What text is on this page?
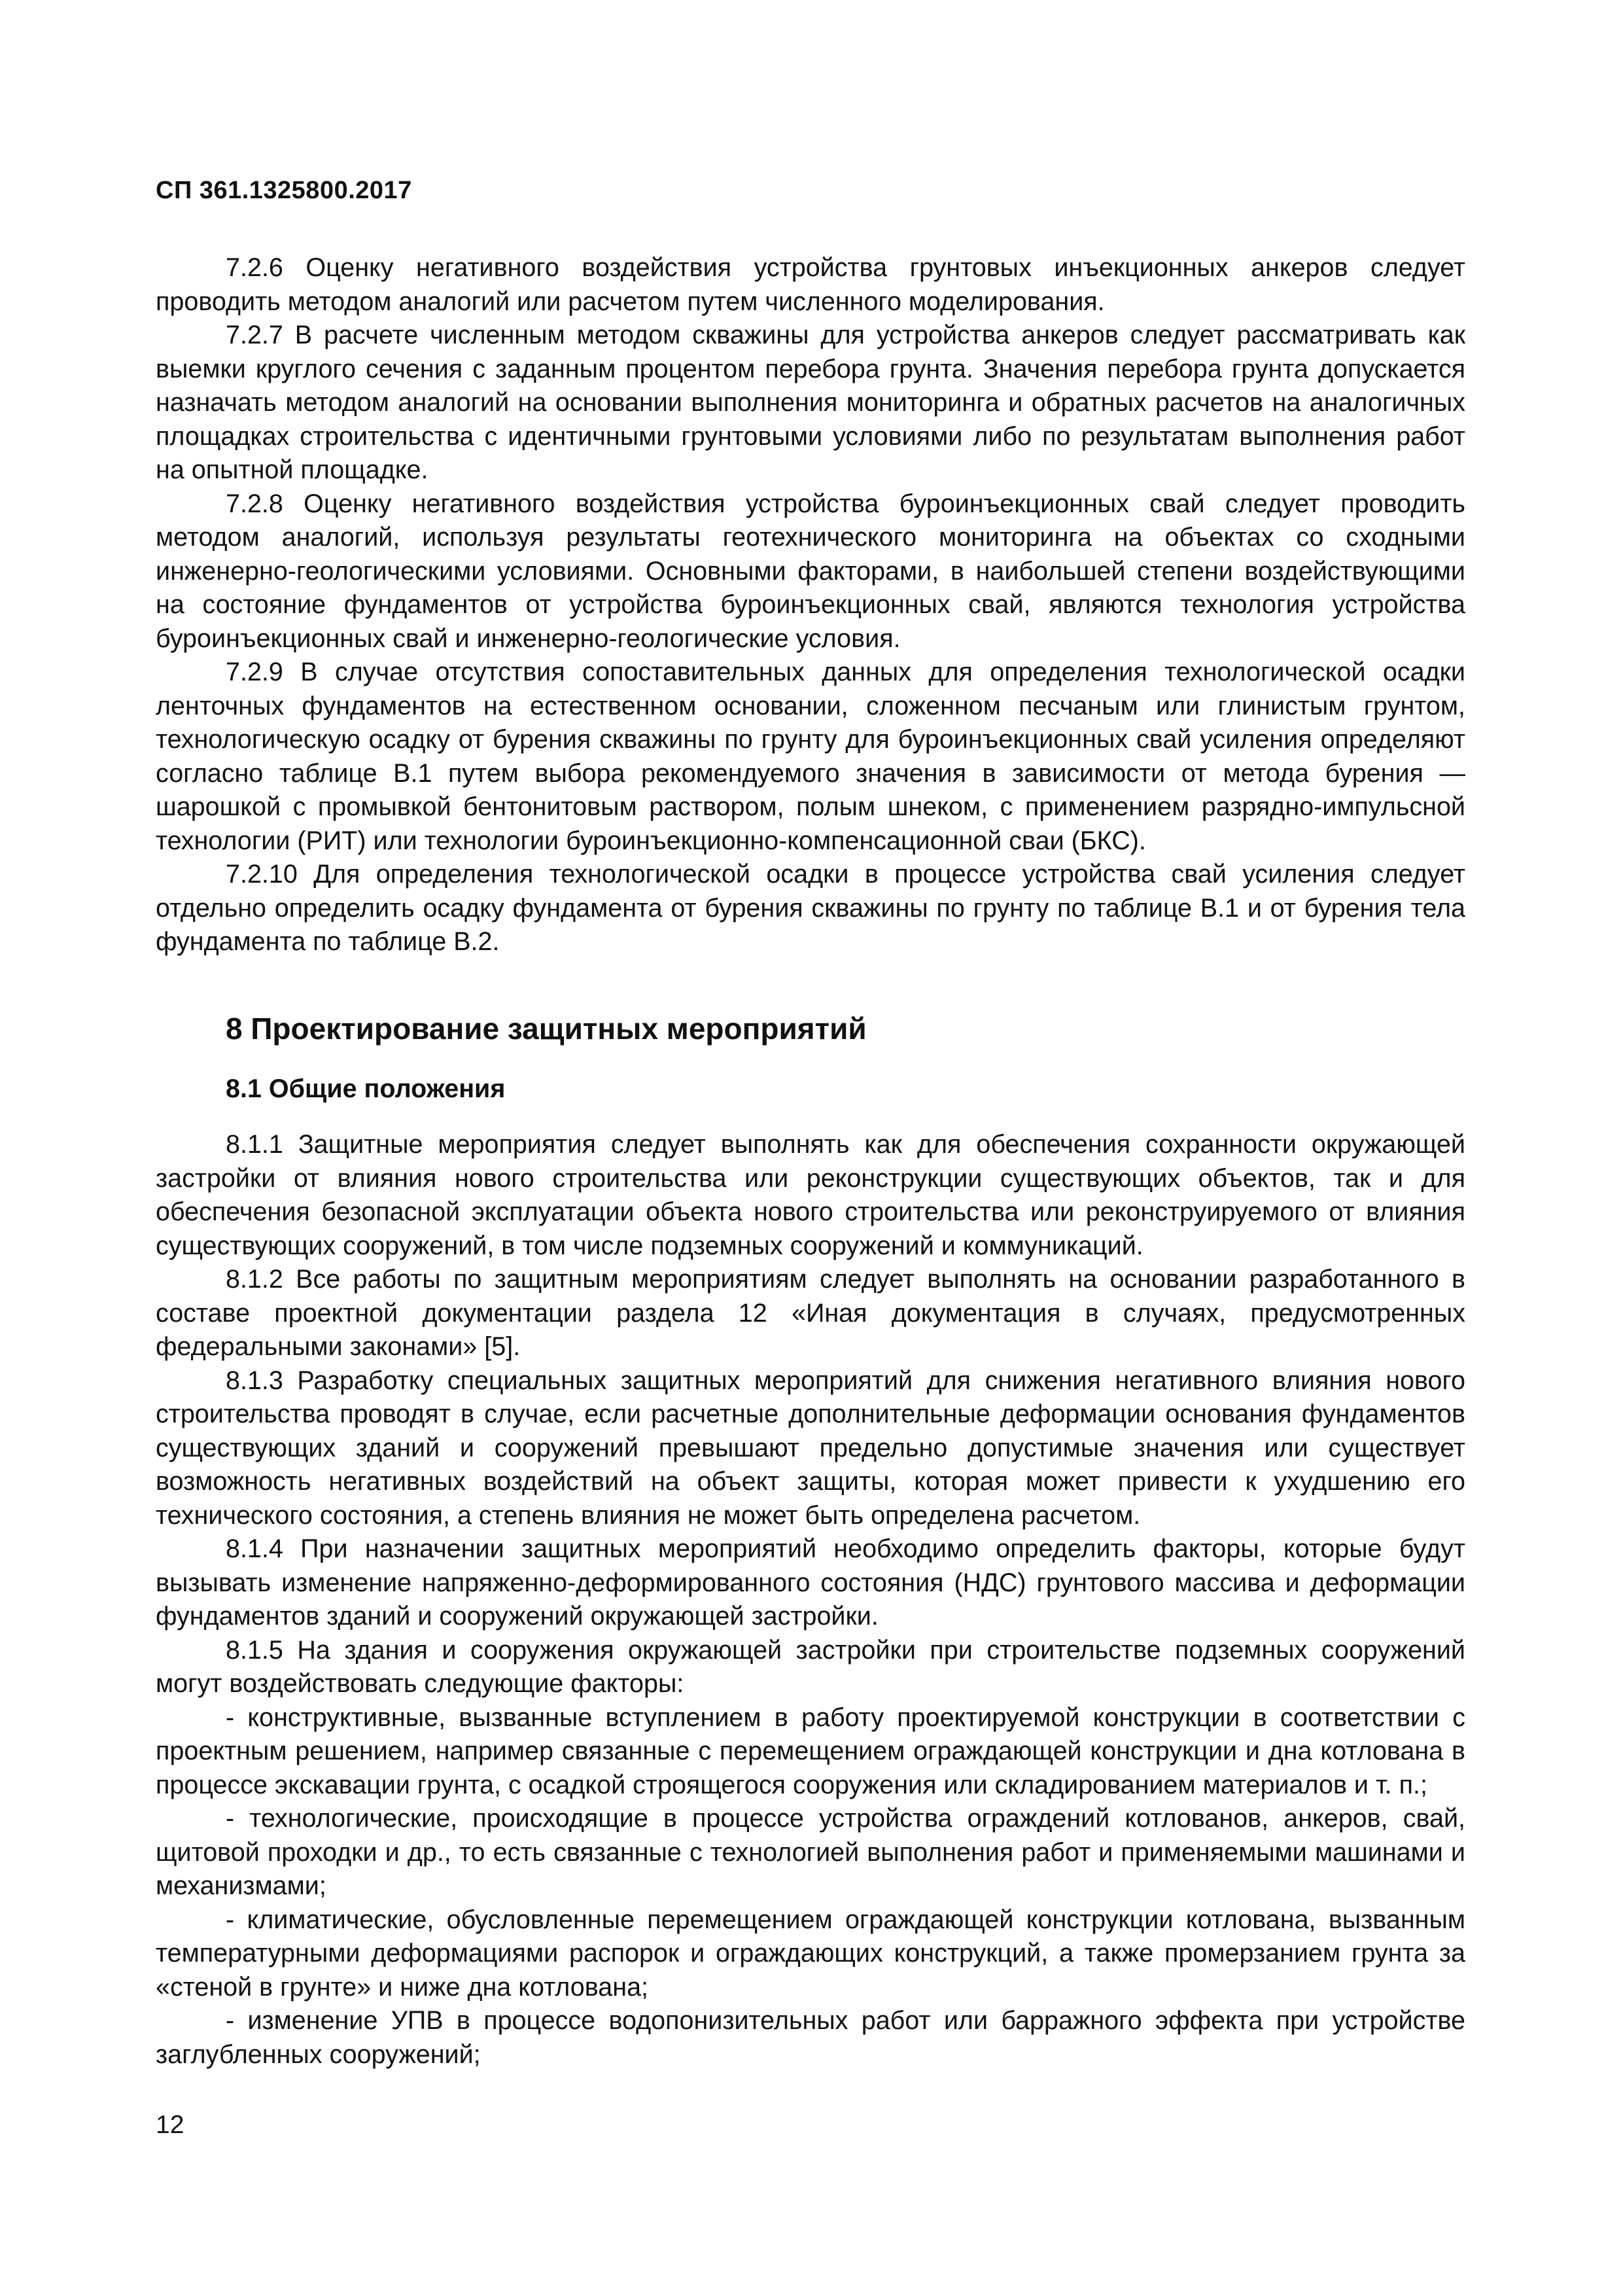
СП 361.1325800.2017

7.2.6 Оценку негативного воздействия устройства грунтовых инъекционных анкеров следует проводить методом аналогий или расчетом путем численного моделирования.

7.2.7 В расчете численным методом скважины для устройства анкеров следует рассматривать как выемки круглого сечения с заданным процентом перебора грунта. Значения перебора грунта допускается назначать методом аналогий на основании выполнения мониторинга и обратных расчетов на аналогичных площадках строительства с идентичными грунтовыми условиями либо по результатам выполнения работ на опытной площадке.

7.2.8 Оценку негативного воздействия устройства буроинъекционных свай следует проводить методом аналогий, используя результаты геотехнического мониторинга на объектах со сходными инженерно-геологическими условиями. Основными факторами, в наибольшей степени воздействующими на состояние фундаментов от устройства буроинъекционных свай, являются технология устройства буроинъекционных свай и инженерно-геологические условия.

7.2.9 В случае отсутствия сопоставительных данных для определения технологической осадки ленточных фундаментов на естественном основании, сложенном песчаным или глинистым грунтом, технологическую осадку от бурения скважины по грунту для буроинъекционных свай усиления определяют согласно таблице В.1 путем выбора рекомендуемого значения в зависимости от метода бурения — шарошкой с промывкой бентонитовым раствором, полым шнеком, с применением разрядно-импульсной технологии (РИТ) или технологии буроинъекционно-компенсационной сваи (БКС).

7.2.10 Для определения технологической осадки в процессе устройства свай усиления следует отдельно определить осадку фундамента от бурения скважины по грунту по таблице В.1 и от бурения тела фундамента по таблице В.2.

8 Проектирование защитных мероприятий
8.1 Общие положения

8.1.1 Защитные мероприятия следует выполнять как для обеспечения сохранности окружающей застройки от влияния нового строительства или реконструкции существующих объектов, так и для обеспечения безопасной эксплуатации объекта нового строительства или реконструируемого от влияния существующих сооружений, в том числе подземных сооружений и коммуникаций.

8.1.2 Все работы по защитным мероприятиям следует выполнять на основании разработанного в составе проектной документации раздела 12 «Иная документация в случаях, предусмотренных федеральными законами» [5].

8.1.3 Разработку специальных защитных мероприятий для снижения негативного влияния нового строительства проводят в случае, если расчетные дополнительные деформации основания фундаментов существующих зданий и сооружений превышают предельно допустимые значения или существует возможность негативных воздействий на объект защиты, которая может привести к ухудшению его технического состояния, а степень влияния не может быть определена расчетом.

8.1.4 При назначении защитных мероприятий необходимо определить факторы, которые будут вызывать изменение напряженно-деформированного состояния (НДС) грунтового массива и деформации фундаментов зданий и сооружений окружающей застройки.

8.1.5 На здания и сооружения окружающей застройки при строительстве подземных сооружений могут воздействовать следующие факторы:

- конструктивные, вызванные вступлением в работу проектируемой конструкции в соответствии с проектным решением, например связанные с перемещением ограждающей конструкции и дна котлована в процессе экскавации грунта, с осадкой строящегося сооружения или складированием материалов и т. п.;

- технологические, происходящие в процессе устройства ограждений котлованов, анкеров, свай, щитовой проходки и др., то есть связанные с технологией выполнения работ и применяемыми машинами и механизмами;

- климатические, обусловленные перемещением ограждающей конструкции котлована, вызванным температурными деформациями распорок и ограждающих конструкций, а также промерзанием грунта за «стеной в грунте» и ниже дна котлована;

- изменение УПВ в процессе водопонизительных работ или барражного эффекта при устройстве заглубленных сооружений;

12
